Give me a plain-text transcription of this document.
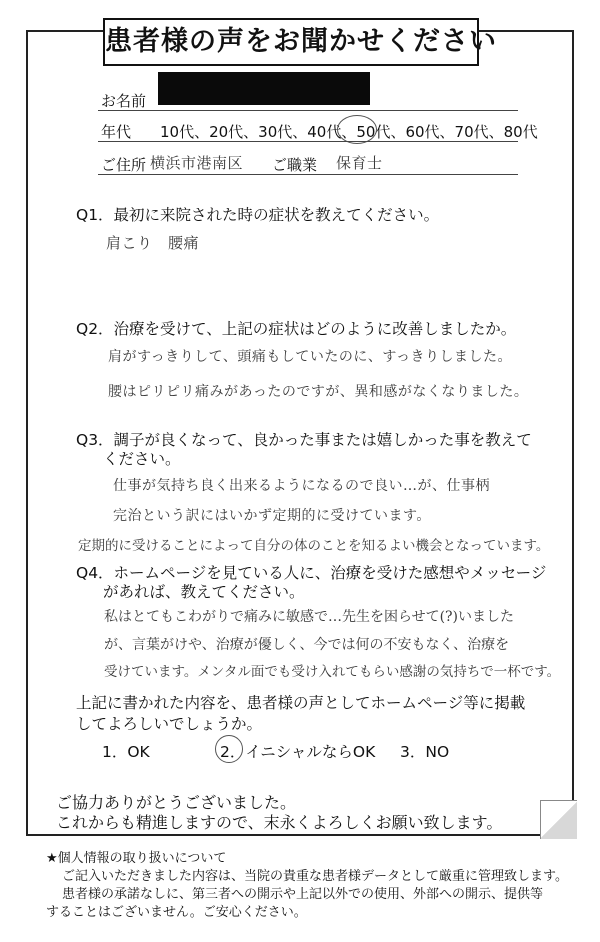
患者様の声をお聞かせください
お名前
年代 10代、20代、30代、40代、50代、60代、70代、80代
ご住所 横浜市港南区 ご職業 保育士
Q1．最初に来院された時の症状を教えてください。
肩こり　腰痛
Q2．治療を受けて、上記の症状はどのように改善しましたか。
肩がすっきりして、頭痛もしていたのに、すっきりしました。
腰はピリピリ痛みがあったのですが、異和感がなくなりました。
Q3．調子が良くなって、良かった事または嬉しかった事を教えて
ください。
仕事が気持ち良く出来るようになるので良い…が、仕事柄
完治という訳にはいかず定期的に受けています。
定期的に受けることによって自分の体のことを知るよい機会となっています。
Q4．ホームページを見ている人に、治療を受けた感想やメッセージ
があれば、教えてください。
私はとてもこわがりで痛みに敏感で…先生を困らせて(?)いました
が、言葉がけや、治療が優しく、今では何の不安もなく、治療を
受けています。メンタル面でも受け入れてもらい感謝の気持ちで一杯です。
上記に書かれた内容を、患者様の声としてホームページ等に掲載
してよろしいでしょうか。
1．OK	2．イニシャルならOK 3．NO
ご協力ありがとうございました。
これからも精進しますので、末永くよろしくお願い致します。
★個人情報の取り扱いについて
ご記入いただきました内容は、当院の貴重な患者様データとして厳重に管理致します。
患者様の承諾なしに、第三者への開示や上記以外での使用、外部への開示、提供等
することはございません。ご安心ください。
